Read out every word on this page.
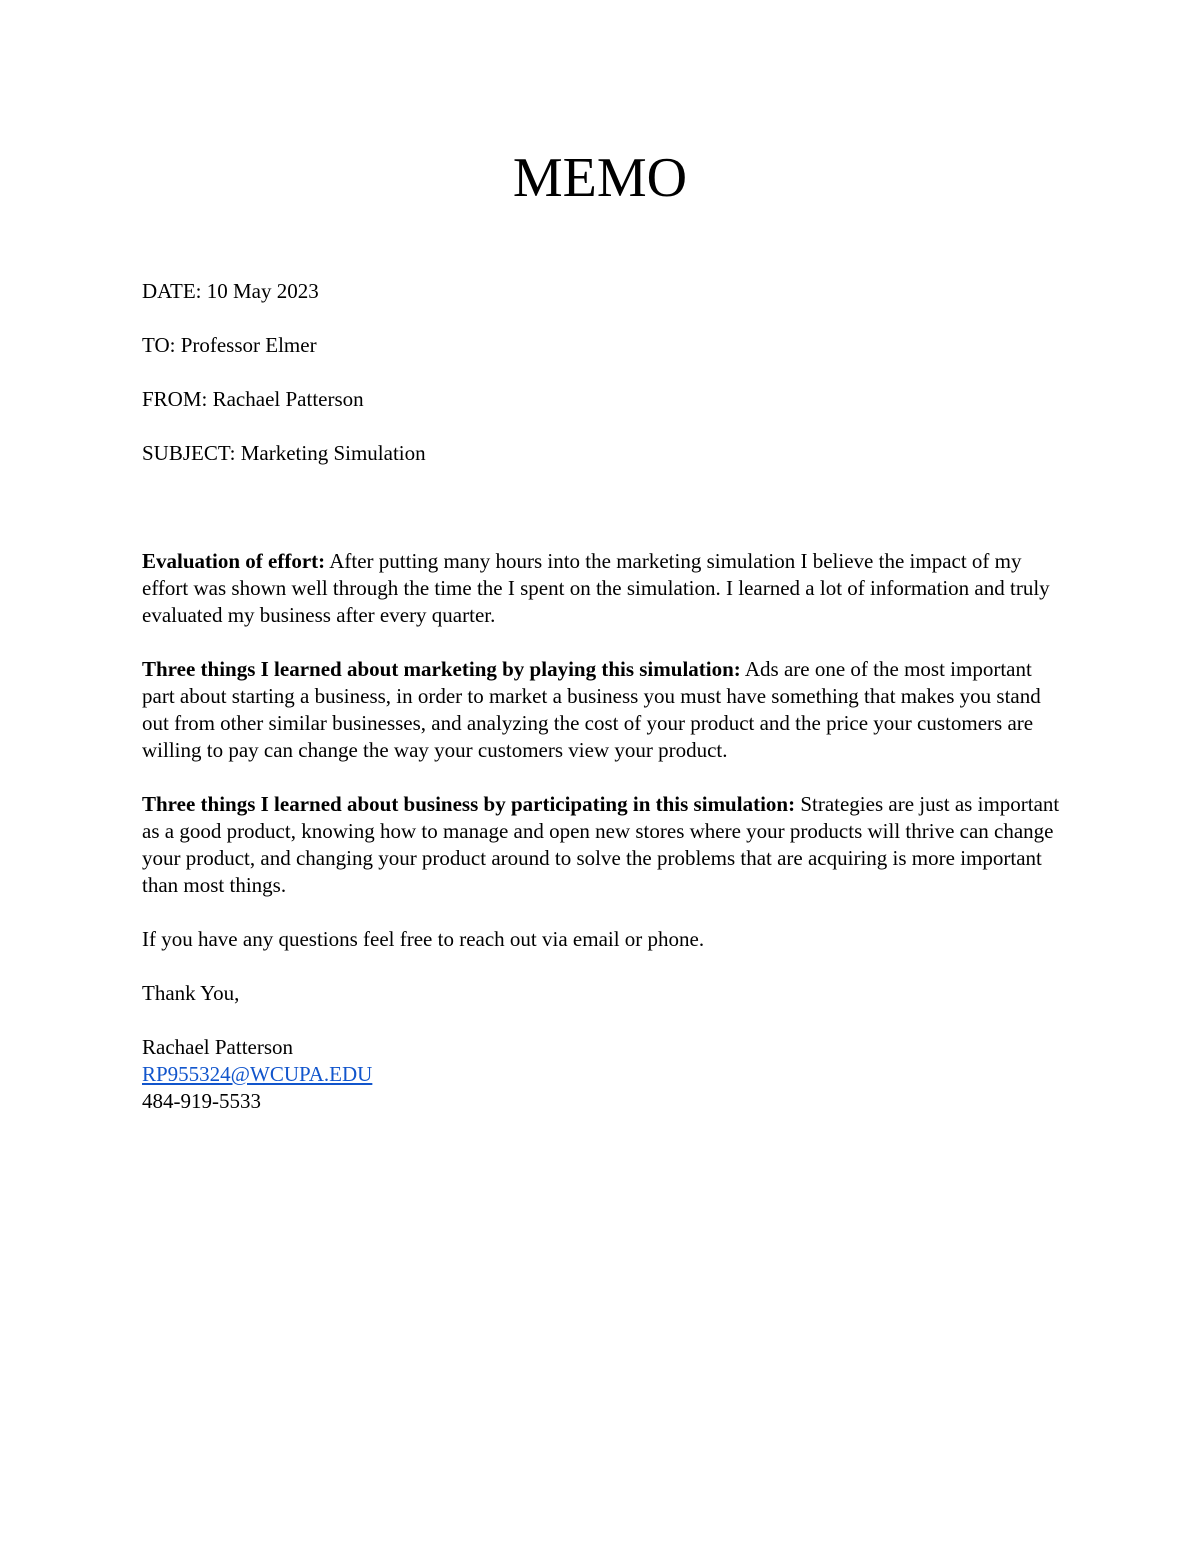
MEMO
DATE: 10 May 2023
TO: Professor Elmer
FROM: Rachael Patterson
SUBJECT: Marketing Simulation

Evaluation of effort: After putting many hours into the marketing simulation I believe the impact of my effort was shown well through the time the I spent on the simulation. I learned a lot of information and truly evaluated my business after every quarter.

Three things I learned about marketing by playing this simulation: Ads are one of the most important part about starting a business, in order to market a business you must have something that makes you stand out from other similar businesses, and analyzing the cost of your product and the price your customers are willing to pay can change the way your customers view your product.

Three things I learned about business by participating in this simulation: Strategies are just as important as a good product, knowing how to manage and open new stores where your products will thrive can change your product, and changing your product around to solve the problems that are acquiring is more important than most things.

If you have any questions feel free to reach out via email or phone.

Thank You,

Rachael Patterson
RP955324@WCUPA.EDU
484-919-5533
